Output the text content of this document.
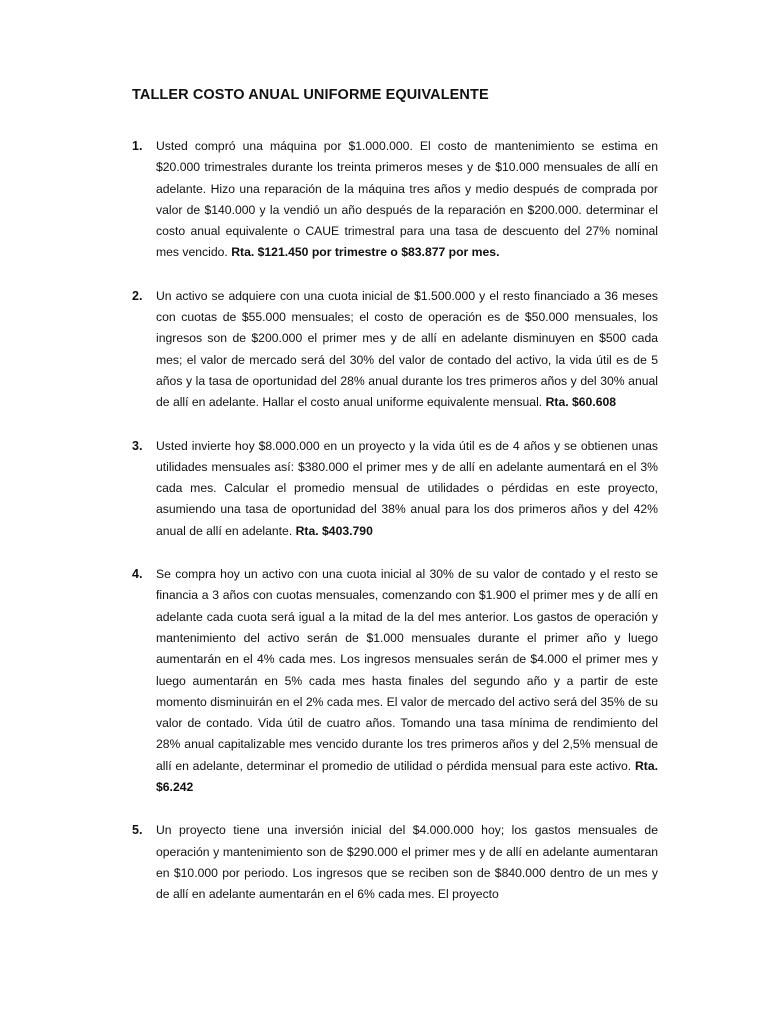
TALLER COSTO ANUAL UNIFORME EQUIVALENTE
1.	Usted compró una máquina por $1.000.000. El costo de mantenimiento se estima en $20.000 trimestrales durante los treinta primeros meses y de $10.000 mensuales de allí en adelante. Hizo una reparación de la máquina tres años y medio después de comprada por valor de $140.000 y la vendió un año después de la reparación en $200.000. determinar el costo anual equivalente o CAUE trimestral para una tasa de descuento del 27% nominal mes vencido. Rta. $121.450 por trimestre o $83.877 por mes.
2.	Un activo se adquiere con una cuota inicial de $1.500.000 y el resto financiado a 36 meses con cuotas de $55.000 mensuales; el costo de operación es de $50.000 mensuales, los ingresos son de $200.000 el primer mes y de allí en adelante disminuyen en $500 cada mes; el valor de mercado será del 30% del valor de contado del activo, la vida útil es de 5 años y la tasa de oportunidad del 28% anual durante los tres primeros años y del 30% anual de allí en adelante. Hallar el costo anual uniforme equivalente mensual. Rta. $60.608
3.	Usted invierte hoy $8.000.000 en un proyecto y la vida útil es de 4 años y se obtienen unas utilidades mensuales así: $380.000 el primer mes y de allí en adelante aumentará en el 3% cada mes. Calcular el promedio mensual de utilidades o pérdidas en este proyecto, asumiendo una tasa de oportunidad del 38% anual para los dos primeros años y del 42% anual de allí en adelante. Rta. $403.790
4.	Se compra hoy un activo con una cuota inicial al 30% de su valor de contado y el resto se financia a 3 años con cuotas mensuales, comenzando con $1.900 el primer mes y de allí en adelante cada cuota será igual a la mitad de la del mes anterior. Los gastos de operación y mantenimiento del activo serán de $1.000 mensuales durante el primer año y luego aumentarán en el 4% cada mes. Los ingresos mensuales serán de $4.000 el primer mes y luego aumentarán en 5% cada mes hasta finales del segundo año y a partir de este momento disminuirán en el 2% cada mes. El valor de mercado del activo será del 35% de su valor de contado. Vida útil de cuatro años. Tomando una tasa mínima de rendimiento del 28% anual capitalizable mes vencido durante los tres primeros años y del 2,5% mensual de allí en adelante, determinar el promedio de utilidad o pérdida mensual para este activo. Rta. $6.242
5.	Un proyecto tiene una inversión inicial del $4.000.000 hoy; los gastos mensuales de operación y mantenimiento son de $290.000 el primer mes y de allí en adelante aumentaran en $10.000 por periodo. Los ingresos que se reciben son de $840.000 dentro de un mes y de allí en adelante aumentarán en el 6% cada mes. El proyecto
